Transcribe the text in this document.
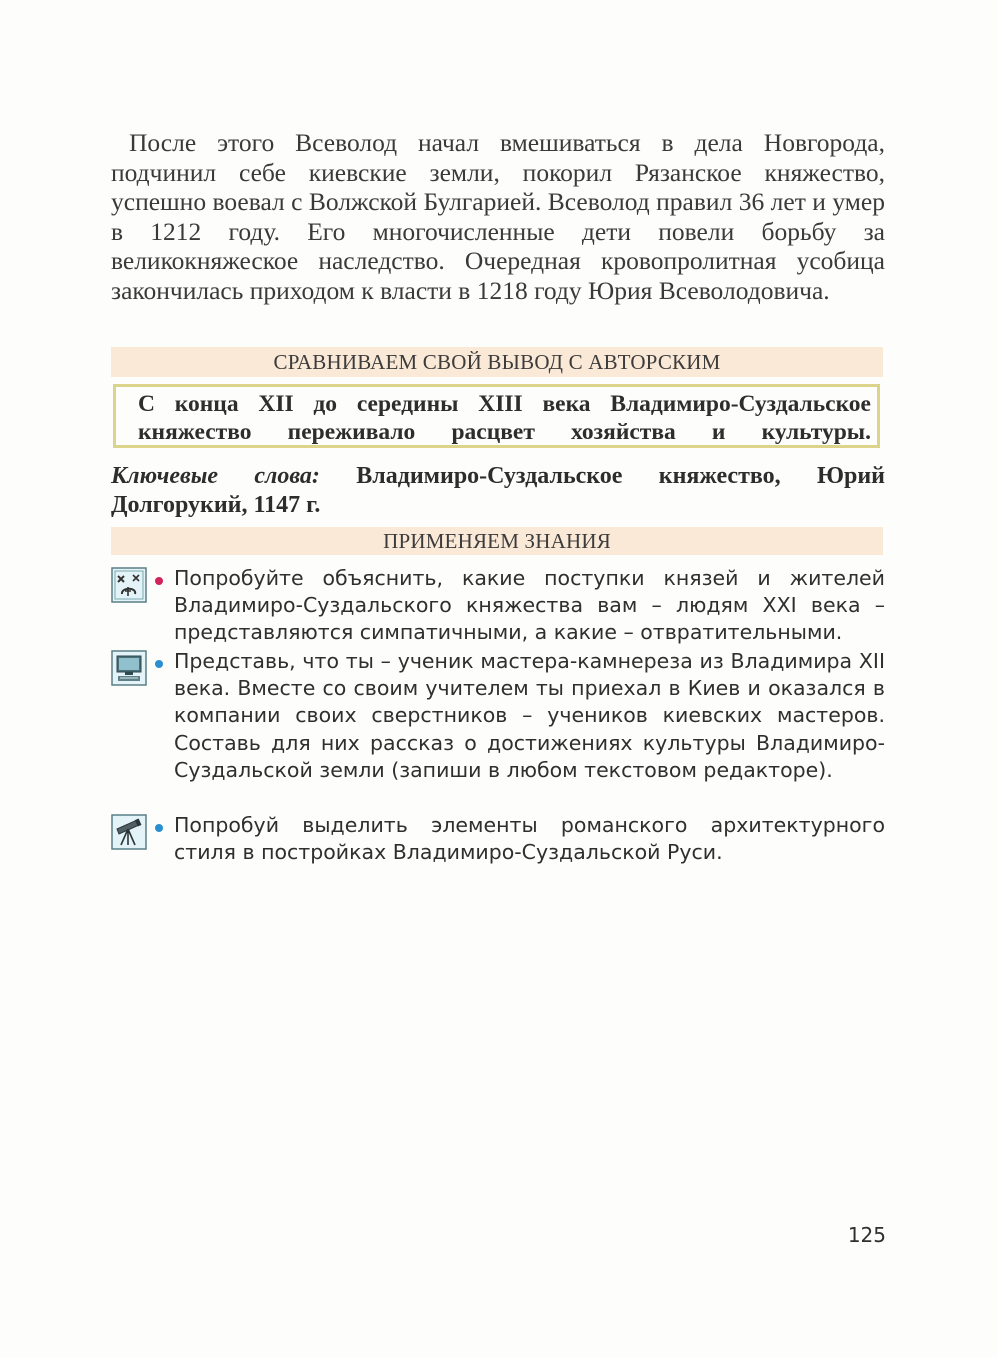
После этого Всеволод начал вмешиваться в дела Новгорода, подчинил себе киевские земли, покорил Рязанское княжество, успешно воевал с Волжской Булгарией. Всеволод правил 36 лет и умер в 1212 году. Его многочисленные дети повели борьбу за великокняжеское наследство. Очередная кровопролитная усобица закончилась приходом к власти в 1218 году Юрия Всеволодовича.

СРАВНИВАЕМ СВОЙ ВЫВОД С АВТОРСКИМ
С конца XII до середины XIII века Владимиро-Суздальское княжество переживало расцвет хозяйства и культуры.

Ключевые слова: Владимиро-Суздальское княжество, Юрий Долгорукий, 1147 г.

ПРИМЕНЯЕМ ЗНАНИЯ

Попробуйте объяснить, какие поступки князей и жителей Владимиро-Суздальского княжества вам – людям XXI века – представляются симпатичными, а какие – отвратительными.

Представь, что ты – ученик мастера-камнереза из Владимира XII века. Вместе со своим учителем ты приехал в Киев и оказался в компании своих сверстников – учеников киевских мастеров. Составь для них рассказ о достижениях культуры Владимиро-Суздальской земли (запиши в любом текстовом редакторе).

Попробуй выделить элементы романского архитектурного стиля в постройках Владимиро-Суздальской Руси.

125
